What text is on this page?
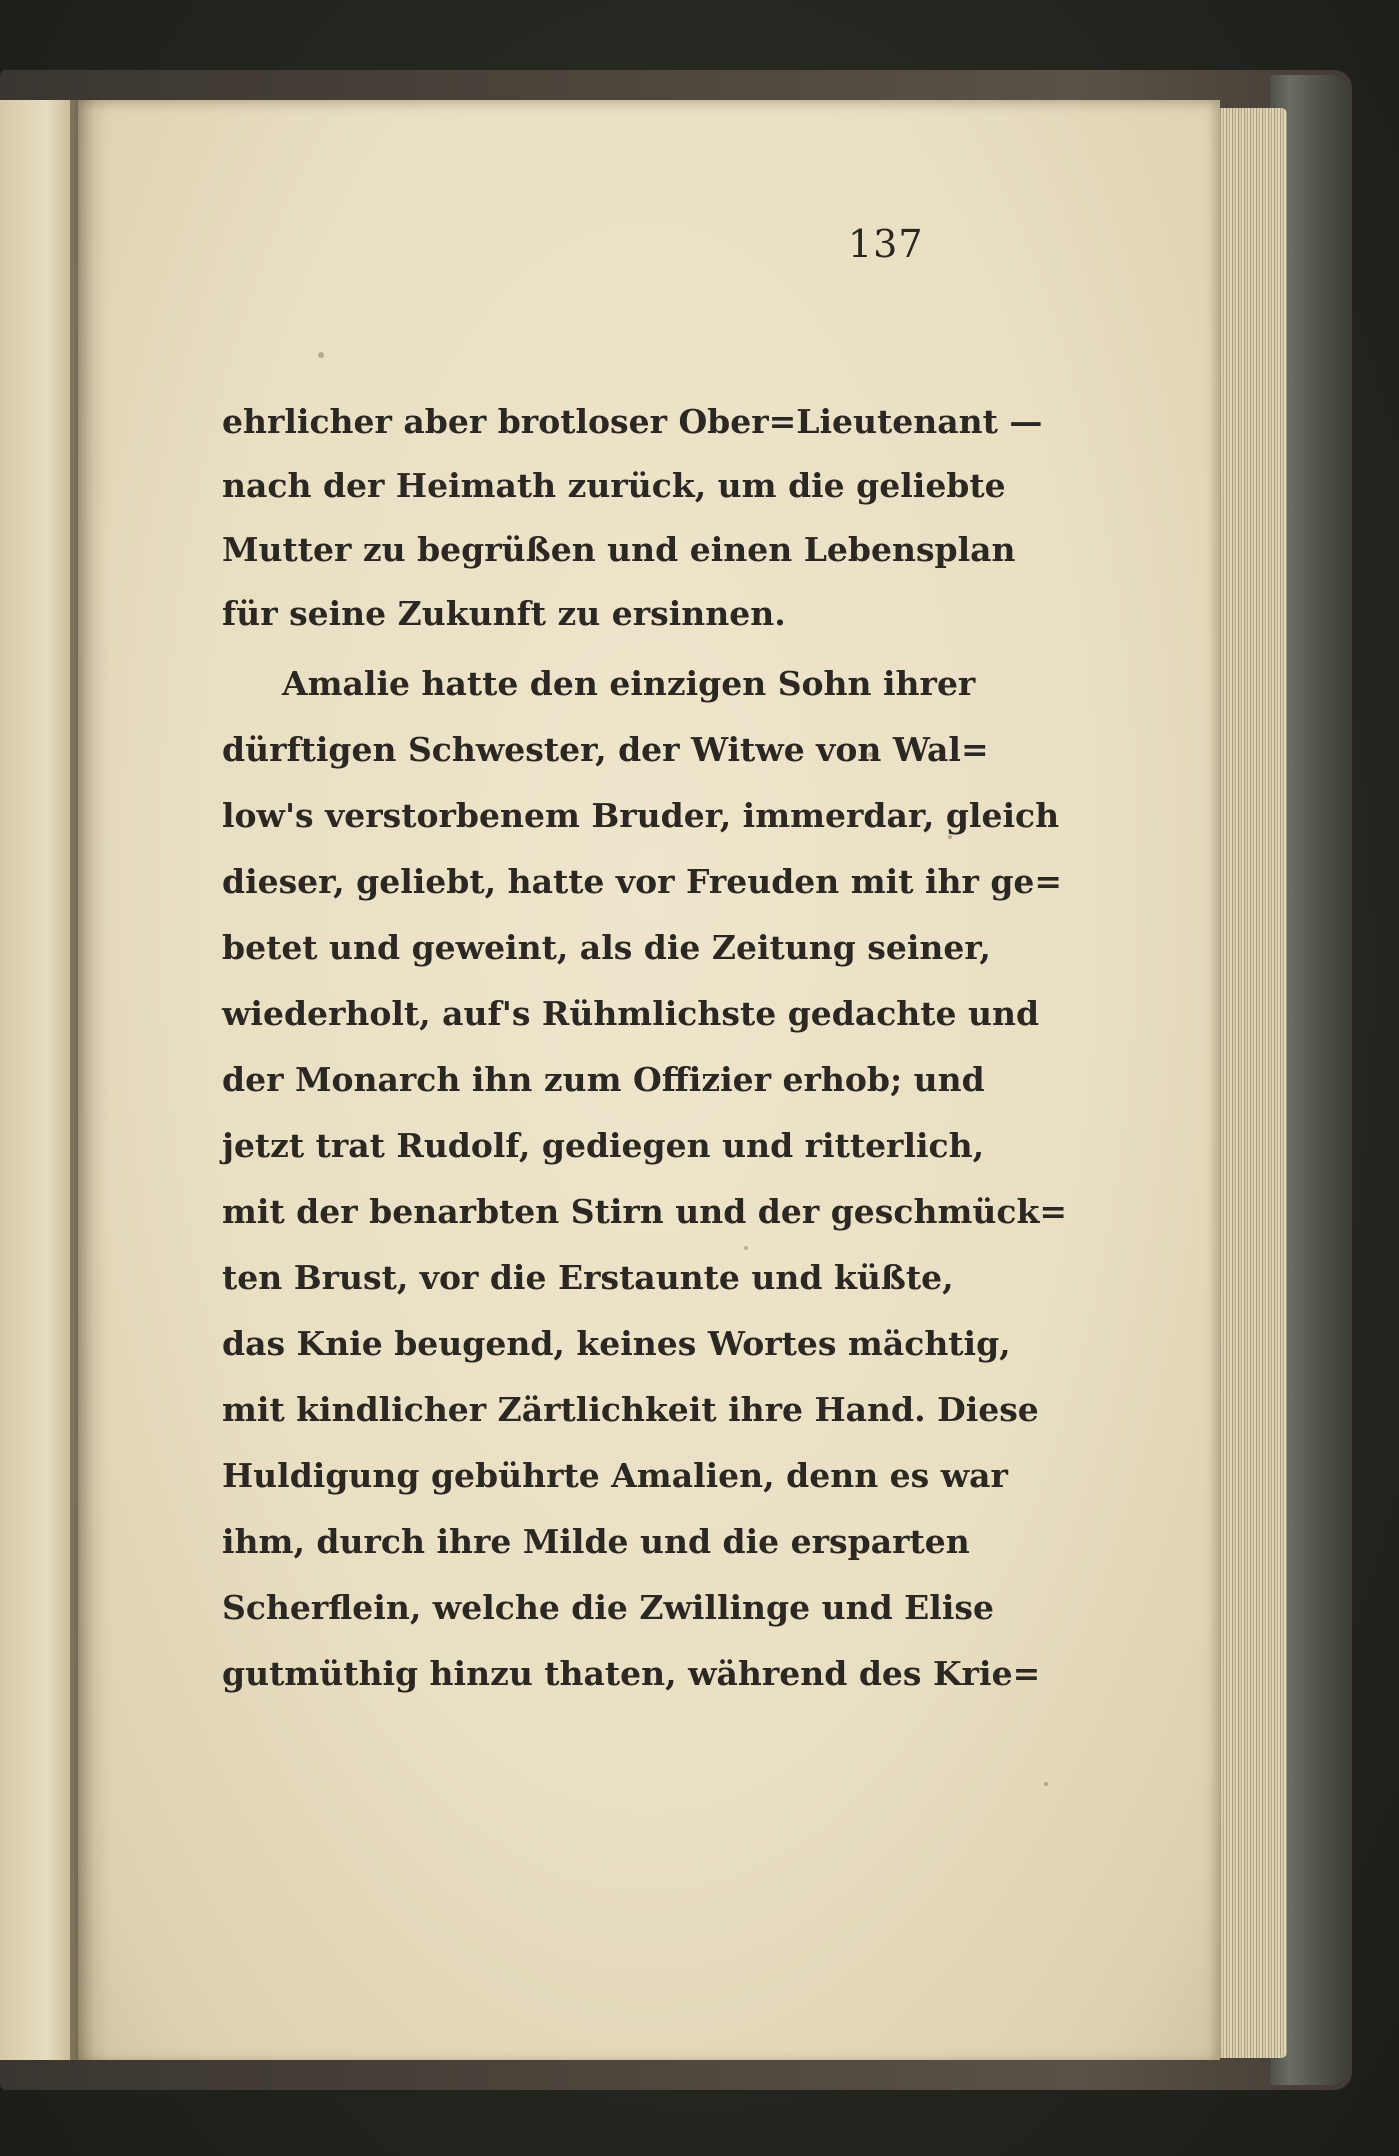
137

ehrlicher aber brotloser Ober=Lieutenant —

nach der Heimath zurück, um die geliebte

Mutter zu begrüßen und einen Lebensplan

für seine Zukunft zu ersinnen.

Amalie hatte den einzigen Sohn ihrer

dürftigen Schwester, der Witwe von Wal=

low's verstorbenem Bruder, immerdar, gleich

dieser, geliebt, hatte vor Freuden mit ihr ge=

betet und geweint, als die Zeitung seiner,

wiederholt, auf's Rühmlichste gedachte und

der Monarch ihn zum Offizier erhob; und

jetzt trat Rudolf, gediegen und ritterlich,

mit der benarbten Stirn und der geschmück=

ten Brust, vor die Erstaunte und küßte,

das Knie beugend, keines Wortes mächtig,

mit kindlicher Zärtlichkeit ihre Hand. Diese

Huldigung gebührte Amalien, denn es war

ihm, durch ihre Milde und die ersparten

Scherflein, welche die Zwillinge und Elise

gutmüthig hinzu thaten, während des Krie=
